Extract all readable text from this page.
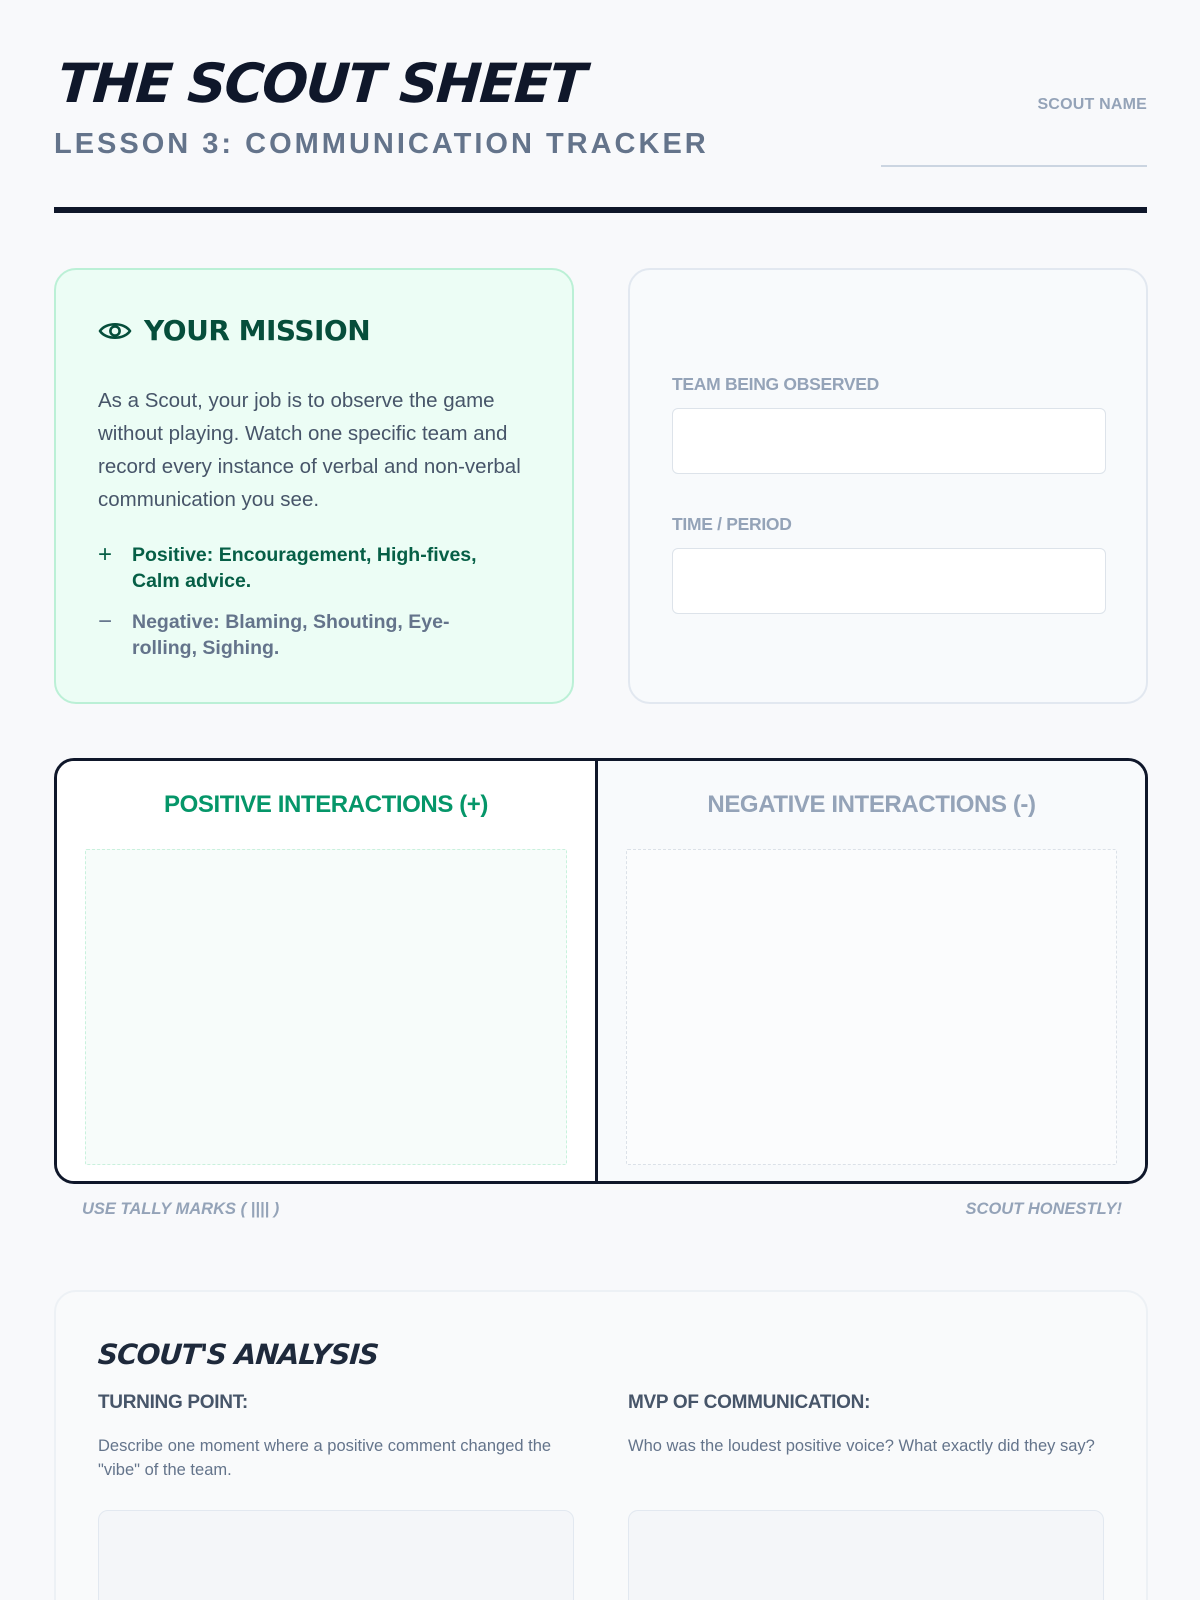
THE SCOUT SHEET
LESSON 3: COMMUNICATION TRACKER
SCOUT NAME
YOUR MISSION
As a Scout, your job is to observe the game without playing. Watch one specific team and record every instance of verbal and non-verbal communication you see.
+	Positive: Encouragement, High-fives, Calm advice.
−	Negative: Blaming, Shouting, Eye-rolling, Sighing.
TEAM BEING OBSERVED
TIME / PERIOD
POSITIVE INTERACTIONS (+)	NEGATIVE INTERACTIONS (-)
USE TALLY MARKS ( |||| )	SCOUT HONESTLY!
SCOUT'S ANALYSIS
TURNING POINT:
Describe one moment where a positive comment changed the "vibe" of the team.
MVP OF COMMUNICATION:
Who was the loudest positive voice? What exactly did they say?
